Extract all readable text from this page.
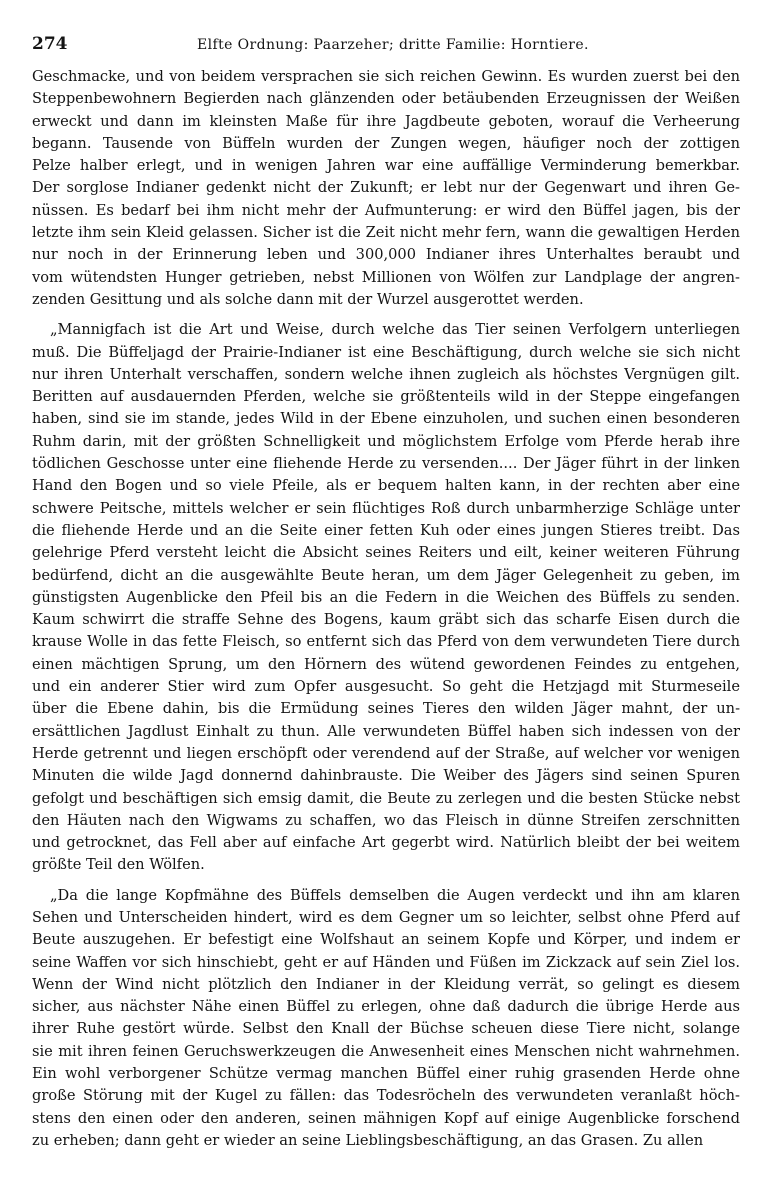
274	Elfte Ordnung: Paarzeher; dritte Familie: Horntiere.
Geschmacke, und von beidem versprachen sie sich reichen Gewinn. Es wurden zuerst bei den
Steppenbewohnern Begierden nach glänzenden oder betäubenden Erzeugnissen der Weißen
erweckt und dann im kleinsten Maße für ihre Jagdbeute geboten, worauf die Verheerung
begann. Tausende von Büffeln wurden der Zungen wegen, häufiger noch der zottigen
Pelze halber erlegt, und in wenigen Jahren war eine auffällige Verminderung bemerkbar.
Der sorglose Indianer gedenkt nicht der Zukunft; er lebt nur der Gegenwart und ihren Ge-
nüssen. Es bedarf bei ihm nicht mehr der Aufmunterung: er wird den Büffel jagen, bis der
letzte ihm sein Kleid gelassen. Sicher ist die Zeit nicht mehr fern, wann die gewaltigen Herden
nur noch in der Erinnerung leben und 300,000 Indianer ihres Unterhaltes beraubt und
vom wütendsten Hunger getrieben, nebst Millionen von Wölfen zur Landplage der angren-
zenden Gesittung und als solche dann mit der Wurzel ausgerottet werden.
„Mannigfach ist die Art und Weise, durch welche das Tier seinen Verfolgern unterliegen
muß. Die Büffeljagd der Prairie-Indianer ist eine Beschäftigung, durch welche sie sich nicht
nur ihren Unterhalt verschaffen, sondern welche ihnen zugleich als höchstes Vergnügen gilt.
Beritten auf ausdauernden Pferden, welche sie größtenteils wild in der Steppe eingefangen
haben, sind sie im stande, jedes Wild in der Ebene einzuholen, und suchen einen besonderen
Ruhm darin, mit der größten Schnelligkeit und möglichstem Erfolge vom Pferde herab ihre
tödlichen Geschosse unter eine fliehende Herde zu versenden.... Der Jäger führt in der linken
Hand den Bogen und so viele Pfeile, als er bequem halten kann, in der rechten aber eine
schwere Peitsche, mittels welcher er sein flüchtiges Roß durch unbarmherzige Schläge unter
die fliehende Herde und an die Seite einer fetten Kuh oder eines jungen Stieres treibt. Das
gelehrige Pferd versteht leicht die Absicht seines Reiters und eilt, keiner weiteren Führung
bedürfend, dicht an die ausgewählte Beute heran, um dem Jäger Gelegenheit zu geben, im
günstigsten Augenblicke den Pfeil bis an die Federn in die Weichen des Büffels zu senden.
Kaum schwirrt die straffe Sehne des Bogens, kaum gräbt sich das scharfe Eisen durch die
krause Wolle in das fette Fleisch, so entfernt sich das Pferd von dem verwundeten Tiere durch
einen mächtigen Sprung, um den Hörnern des wütend gewordenen Feindes zu entgehen,
und ein anderer Stier wird zum Opfer ausgesucht. So geht die Hetzjagd mit Sturmeseile
über die Ebene dahin, bis die Ermüdung seines Tieres den wilden Jäger mahnt, der un-
ersättlichen Jagdlust Einhalt zu thun. Alle verwundeten Büffel haben sich indessen von der
Herde getrennt und liegen erschöpft oder verendend auf der Straße, auf welcher vor wenigen
Minuten die wilde Jagd donnernd dahinbrauste. Die Weiber des Jägers sind seinen Spuren
gefolgt und beschäftigen sich emsig damit, die Beute zu zerlegen und die besten Stücke nebst
den Häuten nach den Wigwams zu schaffen, wo das Fleisch in dünne Streifen zerschnitten
und getrocknet, das Fell aber auf einfache Art gegerbt wird. Natürlich bleibt der bei weitem
größte Teil den Wölfen.
„Da die lange Kopfmähne des Büffels demselben die Augen verdeckt und ihn am klaren
Sehen und Unterscheiden hindert, wird es dem Gegner um so leichter, selbst ohne Pferd auf
Beute auszugehen. Er befestigt eine Wolfshaut an seinem Kopfe und Körper, und indem er
seine Waffen vor sich hinschiebt, geht er auf Händen und Füßen im Zickzack auf sein Ziel los.
Wenn der Wind nicht plötzlich den Indianer in der Kleidung verrät, so gelingt es diesem
sicher, aus nächster Nähe einen Büffel zu erlegen, ohne daß dadurch die übrige Herde aus
ihrer Ruhe gestört würde. Selbst den Knall der Büchse scheuen diese Tiere nicht, solange
sie mit ihren feinen Geruchswerkzeugen die Anwesenheit eines Menschen nicht wahrnehmen.
Ein wohl verborgener Schütze vermag manchen Büffel einer ruhig grasenden Herde ohne
große Störung mit der Kugel zu fällen: das Todesröcheln des verwundeten veranlaßt höch-
stens den einen oder den anderen, seinen mähnigen Kopf auf einige Augenblicke forschend
zu erheben; dann geht er wieder an seine Lieblingsbeschäftigung, an das Grasen. Zu allen
